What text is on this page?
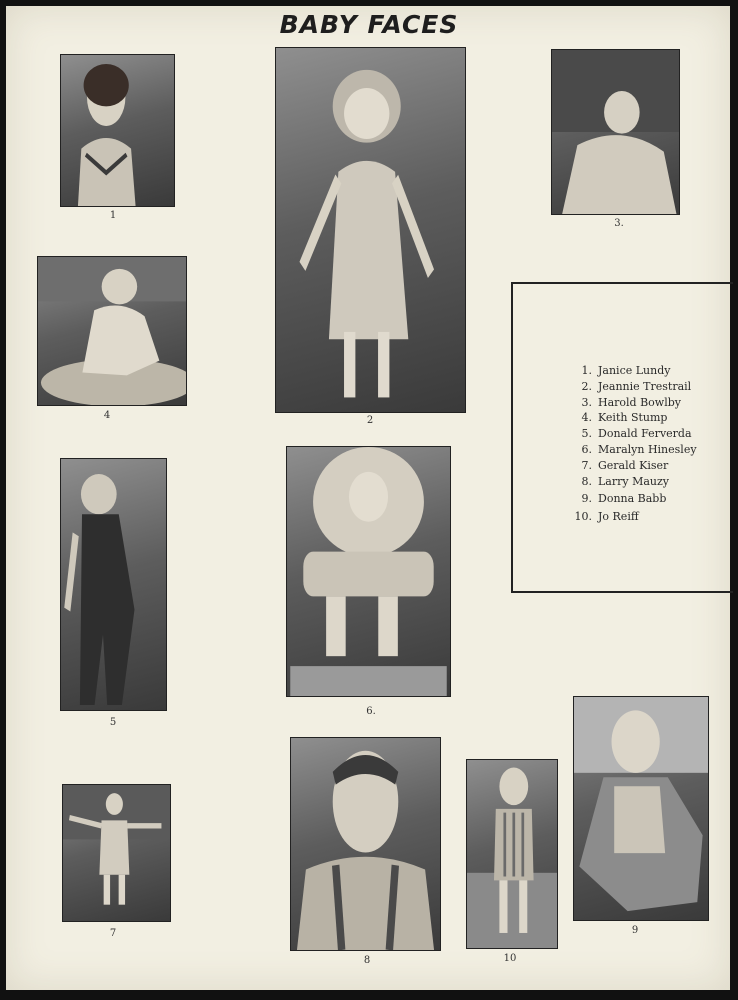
BABY FACES
1
2
3.
4
5
6.
7
8
9
10
1. Janice Lundy
2. Jeannie Trestrail
3. Harold Bowlby
4. Keith Stump
5. Donald Ferverda
6. Maralyn Hinesley
7. Gerald Kiser
8. Larry Mauzy
9. Donna Babb
10. Jo Reiff
